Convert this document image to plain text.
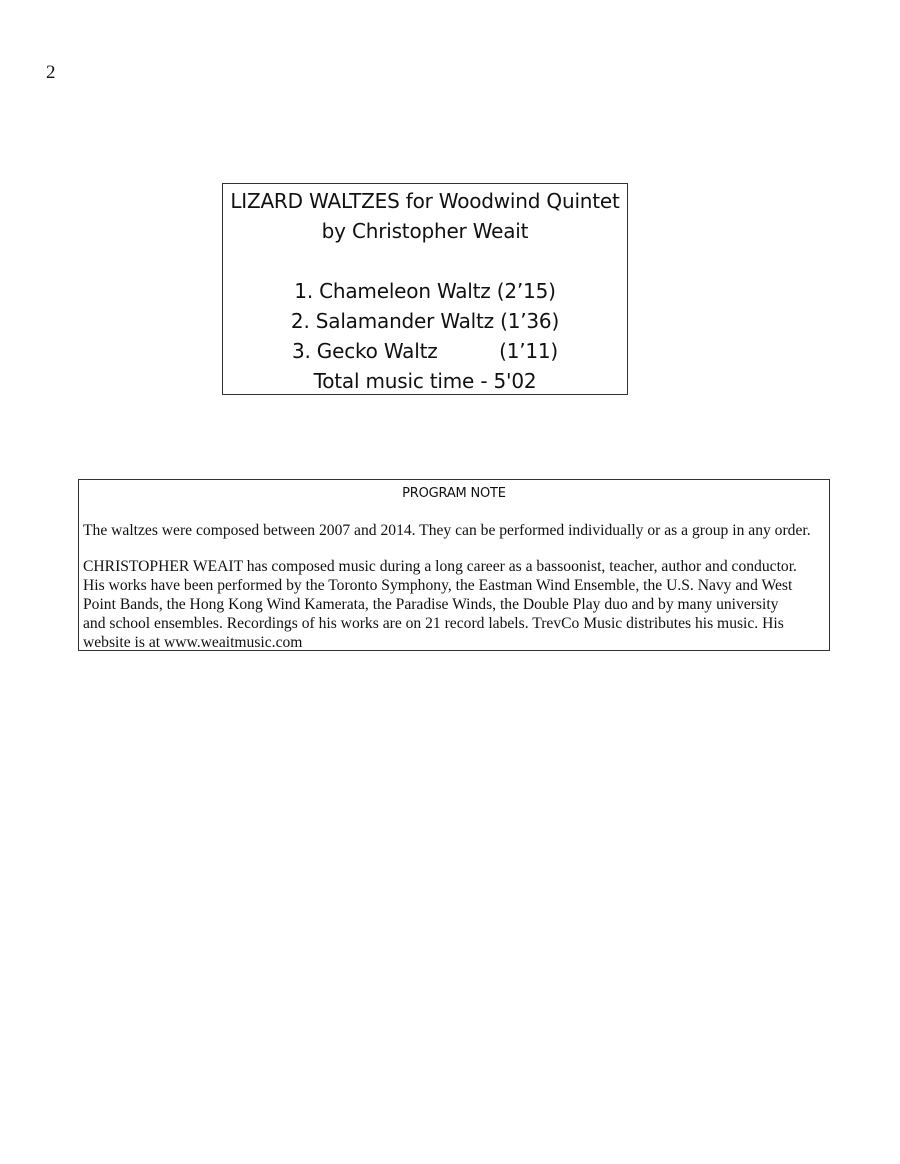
2
LIZARD WALTZES for Woodwind Quintet
by Christopher Weait
1. Chameleon Waltz (2’15)
2. Salamander Waltz (1’36)
3. Gecko Waltz          (1’11)
Total music time - 5'02
PROGRAM NOTE
The waltzes were composed between 2007 and 2014. They can be performed individually or as a group in any order.
CHRISTOPHER WEAIT has composed music during a long career as a bassoonist, teacher, author and conductor.
His works have been performed by the Toronto Symphony, the Eastman Wind Ensemble, the U.S. Navy and West
Point Bands, the Hong Kong Wind Kamerata, the Paradise Winds, the Double Play duo and by many university
and school ensembles. Recordings of his works are on 21 record labels. TrevCo Music distributes his music. His
website is at www.weaitmusic.com
